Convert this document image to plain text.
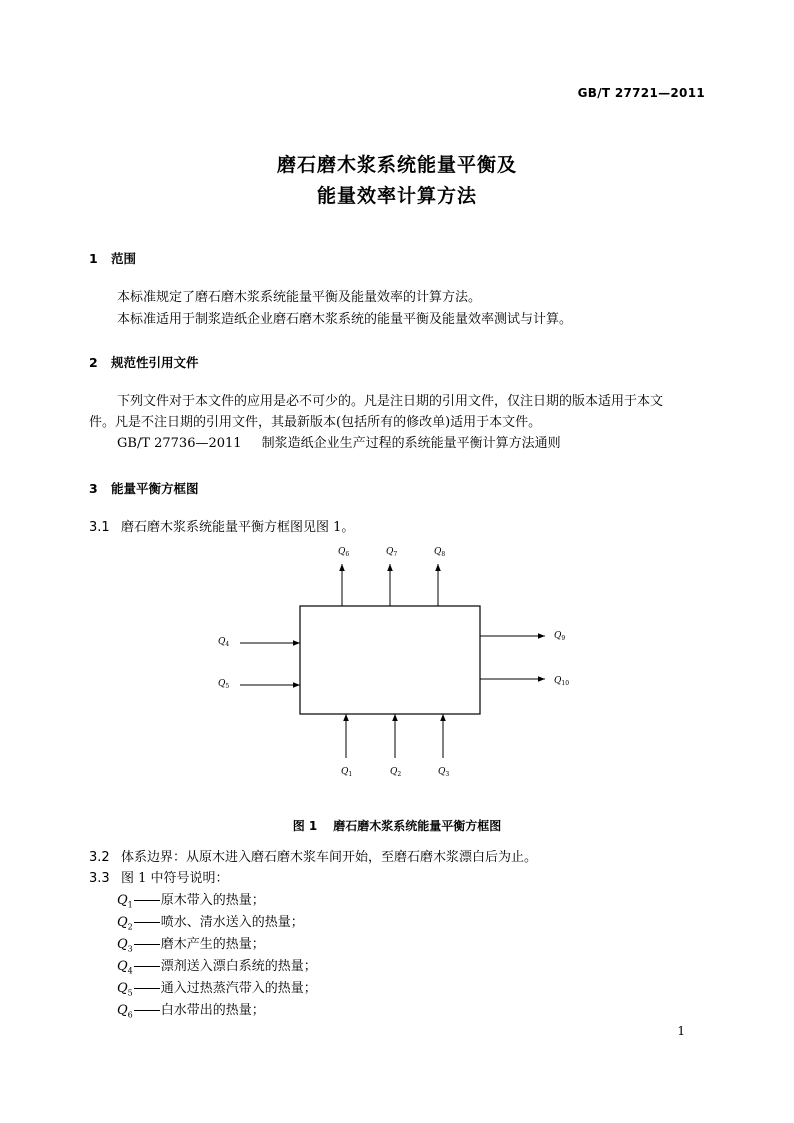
GB/T 27721—2011
磨石磨木浆系统能量平衡及
能量效率计算方法
1 范围
本标准规定了磨石磨木浆系统能量平衡及能量效率的计算方法。
本标准适用于制浆造纸企业磨石磨木浆系统的能量平衡及能量效率测试与计算。
2 规范性引用文件
下列文件对于本文件的应用是必不可少的。凡是注日期的引用文件，仅注日期的版本适用于本文
件。凡是不注日期的引用文件，其最新版本(包括所有的修改单)适用于本文件。
GB/T 27736—2011 制浆造纸企业生产过程的系统能量平衡计算方法通则
3 能量平衡方框图
3.1 磨石磨木浆系统能量平衡方框图见图 1。
$Q_6$	$Q_7$	$Q_8$
$Q_4$
$Q_5$
$Q_9$
$Q_{10}$
$Q_1$	$Q_2$	$Q_3$
图 1 磨石磨木浆系统能量平衡方框图
3.2 体系边界：从原木进入磨石磨木浆车间开始，至磨石磨木浆漂白后为止。
3.3 图 1 中符号说明：
$Q_1$ 原木带入的热量；
$Q_2$ 喷水、清水送入的热量；
$Q_3$ 磨木产生的热量；
$Q_4$ 漂剂送入漂白系统的热量；
$Q_5$ 通入过热蒸汽带入的热量；
$Q_6$ 白水带出的热量；
1
